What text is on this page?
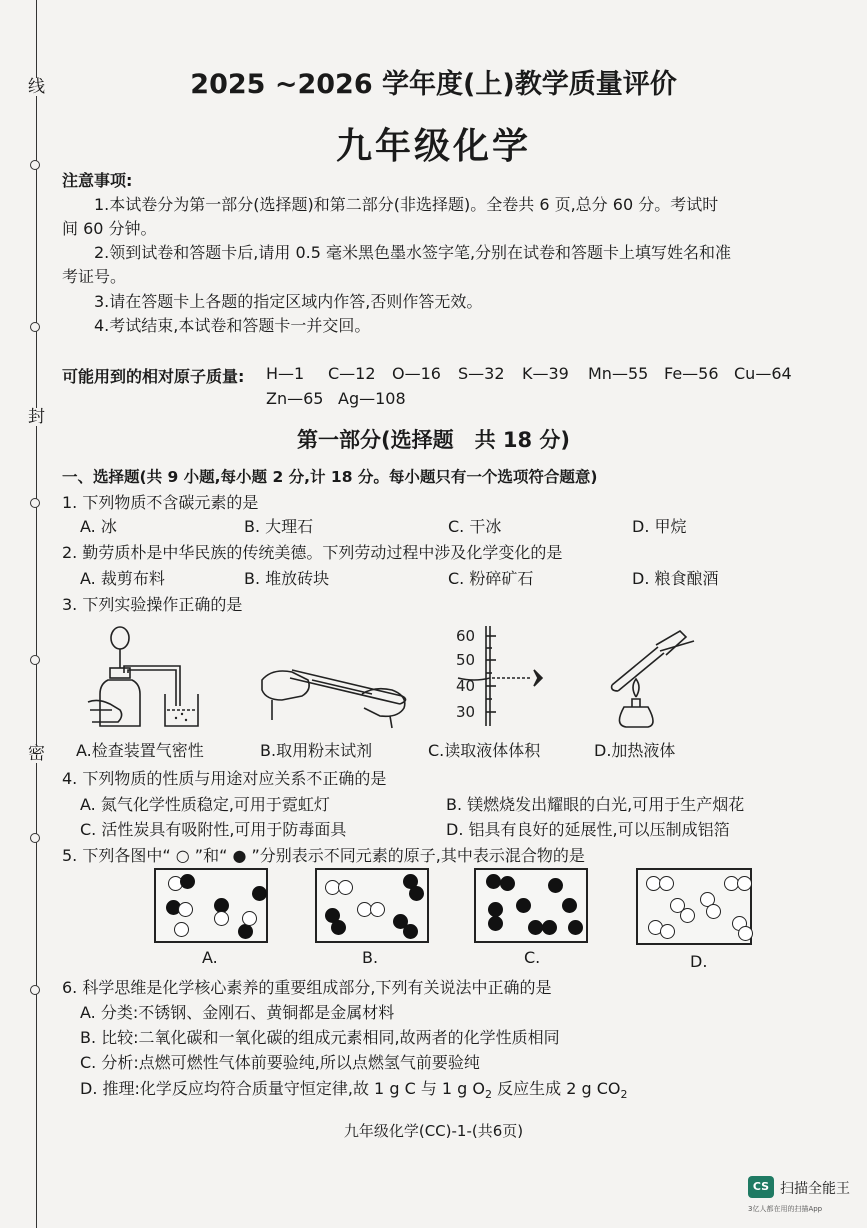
线
封
密
2025 ~2026 学年度(上)教学质量评价
九年级化学
注意事项:
1.本试卷分为第一部分(选择题)和第二部分(非选择题)。全卷共 6 页,总分 60 分。考试时
间 60 分钟。
2.领到试卷和答题卡后,请用 0.5 毫米黑色墨水签字笔,分别在试卷和答题卡上填写姓名和准
考证号。
3.请在答题卡上各题的指定区域内作答,否则作答无效。
4.考试结束,本试卷和答题卡一并交回。
可能用到的相对原子质量: H—1 C—12 O—16 S—32 K—39 Mn—55 Fe—56 Cu—64
Zn—65 Ag—108
第一部分(选择题　共 18 分)
一、选择题(共 9 小题,每小题 2 分,计 18 分。每小题只有一个选项符合题意)
1. 下列物质不含碳元素的是
A. 冰	B. 大理石	C. 干冰	D. 甲烷
2. 勤劳质朴是中华民族的传统美德。下列劳动过程中涉及化学变化的是
A. 裁剪布料	B. 堆放砖块	C. 粉碎矿石	D. 粮食酿酒
3. 下列实验操作正确的是
A.检查装置气密性	B.取用粉末试剂
60
50
40
30
C.读取液体体积	D.加热液体
4. 下列物质的性质与用途对应关系不正确的是
A. 氮气化学性质稳定,可用于霓虹灯	B. 镁燃烧发出耀眼的白光,可用于生产烟花
C. 活性炭具有吸附性,可用于防毒面具	D. 铝具有良好的延展性,可以压制成铝箔
5. 下列各图中“ ○ ”和“ ● ”分别表示不同元素的原子,其中表示混合物的是
A.	B.	C.	D.
6. 科学思维是化学核心素养的重要组成部分,下列有关说法中正确的是
A. 分类:不锈钢、金刚石、黄铜都是金属材料
B. 比较:二氧化碳和一氧化碳的组成元素相同,故两者的化学性质相同
C. 分析:点燃可燃性气体前要验纯,所以点燃氢气前要验纯
D. 推理:化学反应均符合质量守恒定律,故 1 g C 与 1 g $O_2$ 反应生成 2 g $CO_2$
九年级化学(CC)-1-(共6页)
CS 扫描全能王
3亿人都在用的扫描App
